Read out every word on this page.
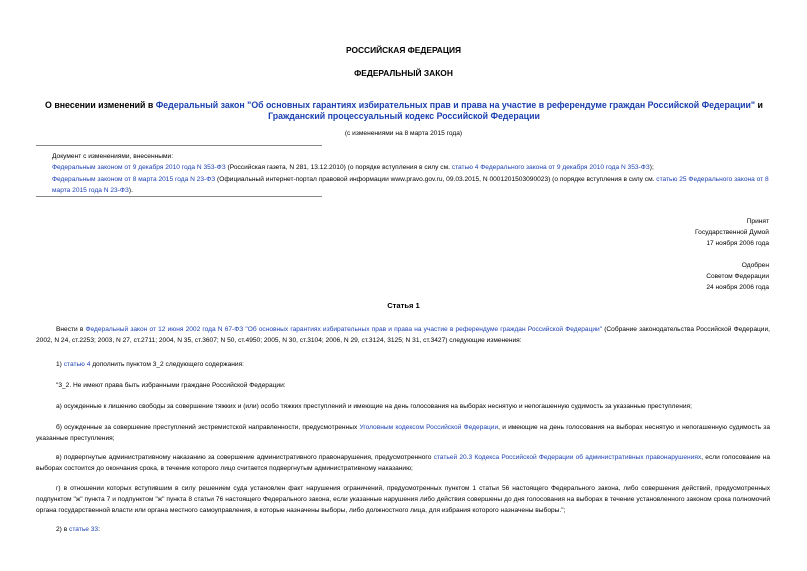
РОССИЙСКАЯ ФЕДЕРАЦИЯ
ФЕДЕРАЛЬНЫЙ ЗАКОН
О внесении изменений в Федеральный закон "Об основных гарантиях избирательных прав и права на участие в референдуме граждан Российской Федерации" и Гражданский процессуальный кодекс Российской Федерации
(с изменениями на 8 марта 2015 года)

Документ с изменениями, внесенными:

Федеральным законом от 9 декабря 2010 года N 353-ФЗ (Российская газета, N 281, 13.12.2010) (о порядке вступления в силу см. статью 4 Федерального закона от 9 декабря 2010 года N 353-ФЗ);

Федеральным законом от 8 марта 2015 года N 23-ФЗ (Официальный интернет-портал правовой информации www.pravo.gov.ru, 09.03.2015, N 0001201503090023) (о порядке вступления в силу см. статью 25 Федерального закона от 8 марта 2015 года N 23-ФЗ).

Принят
Государственной Думой
17 ноября 2006 года
Одобрен
Советом Федерации
24 ноября 2006 года
Статья 1

Внести в Федеральный закон от 12 июня 2002 года N 67-ФЗ "Об основных гарантиях избирательных прав и права на участие в референдуме граждан Российской Федерации" (Собрание законодательства Российской Федерации, 2002, N 24, ст.2253; 2003, N 27, ст.2711; 2004, N 35, ст.3607; N 50, ст.4950; 2005, N 30, ст.3104; 2006, N 29, ст.3124, 3125; N 31, ст.3427) следующие изменения:

1) статью 4 дополнить пунктом 3_2 следующего содержания:

"3_2. Не имеют права быть избранными граждане Российской Федерации:

а) осужденные к лишению свободы за совершение тяжких и (или) особо тяжких преступлений и имеющие на день голосования на выборах неснятую и непогашенную судимость за указанные преступления;

б) осужденные за совершение преступлений экстремистской направленности, предусмотренных Уголовным кодексом Российской Федерации, и имеющие на день голосования на выборах неснятую и непогашенную судимость за указанные преступления;

в) подвергнутые административному наказанию за совершение административного правонарушения, предусмотренного статьей 20.3 Кодекса Российской Федерации об административных правонарушениях, если голосование на выборах состоится до окончания срока, в течение которого лицо считается подвергнутым административному наказанию;

г) в отношении которых вступившим в силу решением суда установлен факт нарушения ограничений, предусмотренных пунктом 1 статьи 56 настоящего Федерального закона, либо совершения действий, предусмотренных подпунктом "ж" пункта 7 и подпунктом "ж" пункта 8 статьи 76 настоящего Федерального закона, если указанные нарушения либо действия совершены до дня голосования на выборах в течение установленного законом срока полномочий органа государственной власти или органа местного самоуправления, в которые назначены выборы, либо должностного лица, для избрания которого назначены выборы.";

2) в статье 33:
